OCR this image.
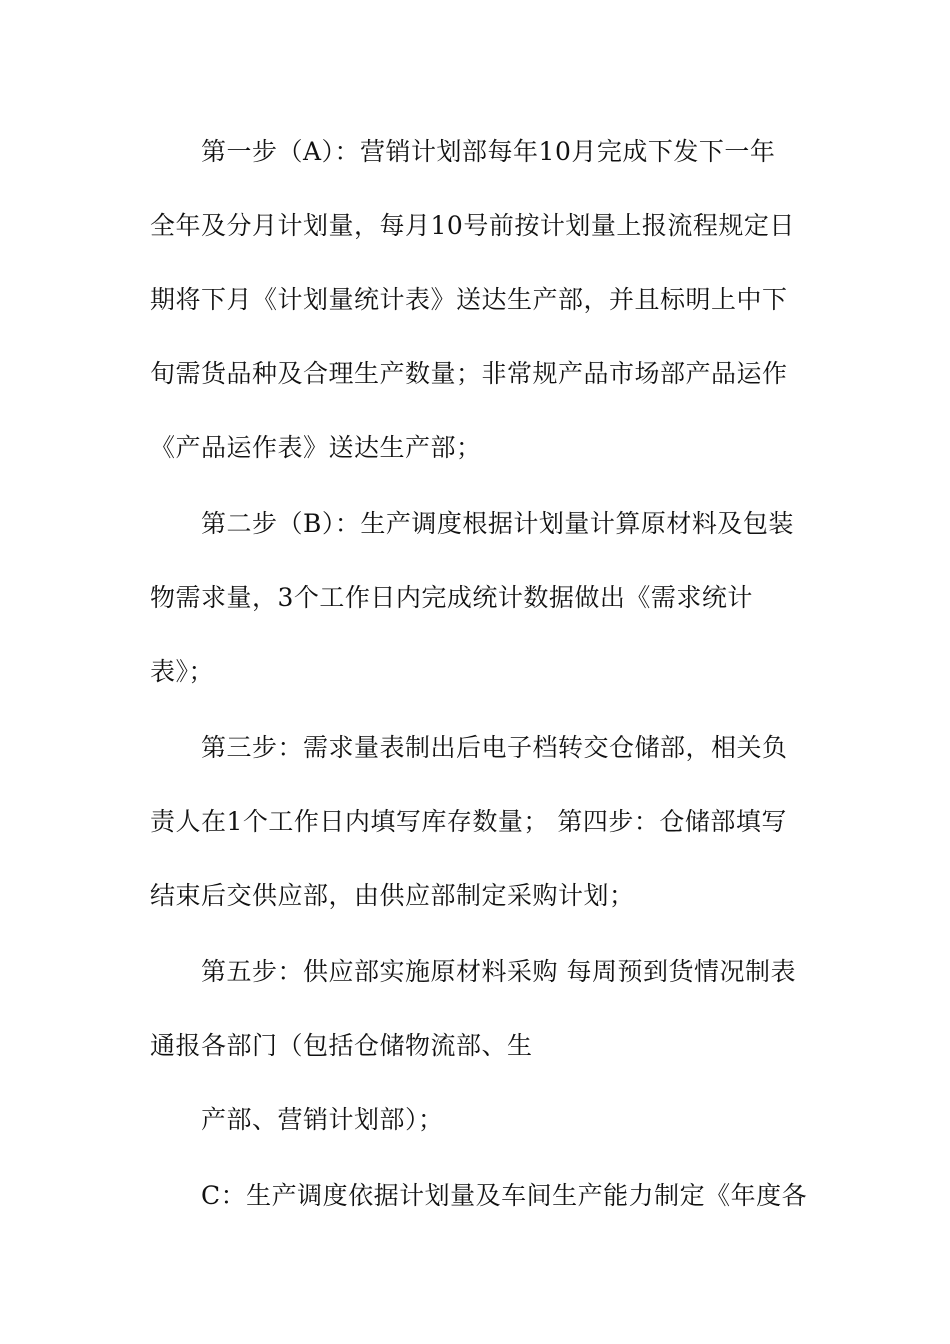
第一步（A）：营销计划部每年10月完成下发下一年
全年及分月计划量，每月10号前按计划量上报流程规定日
期将下月《计划量统计表》送达生产部，并且标明上中下
旬需货品种及合理生产数量；非常规产品市场部产品运作
《产品运作表》送达生产部；
第二步（B）：生产调度根据计划量计算原材料及包装
物需求量，3个工作日内完成统计数据做出《需求统计
表》；
第三步：需求量表制出后电子档转交仓储部，相关负
责人在1个工作日内填写库存数量； 第四步：仓储部填写
结束后交供应部，由供应部制定采购计划；
第五步：供应部实施原材料采购 每周预到货情况制表
通报各部门（包括仓储物流部、生
产部、营销计划部）；
C：生产调度依据计划量及车间生产能力制定《年度各
